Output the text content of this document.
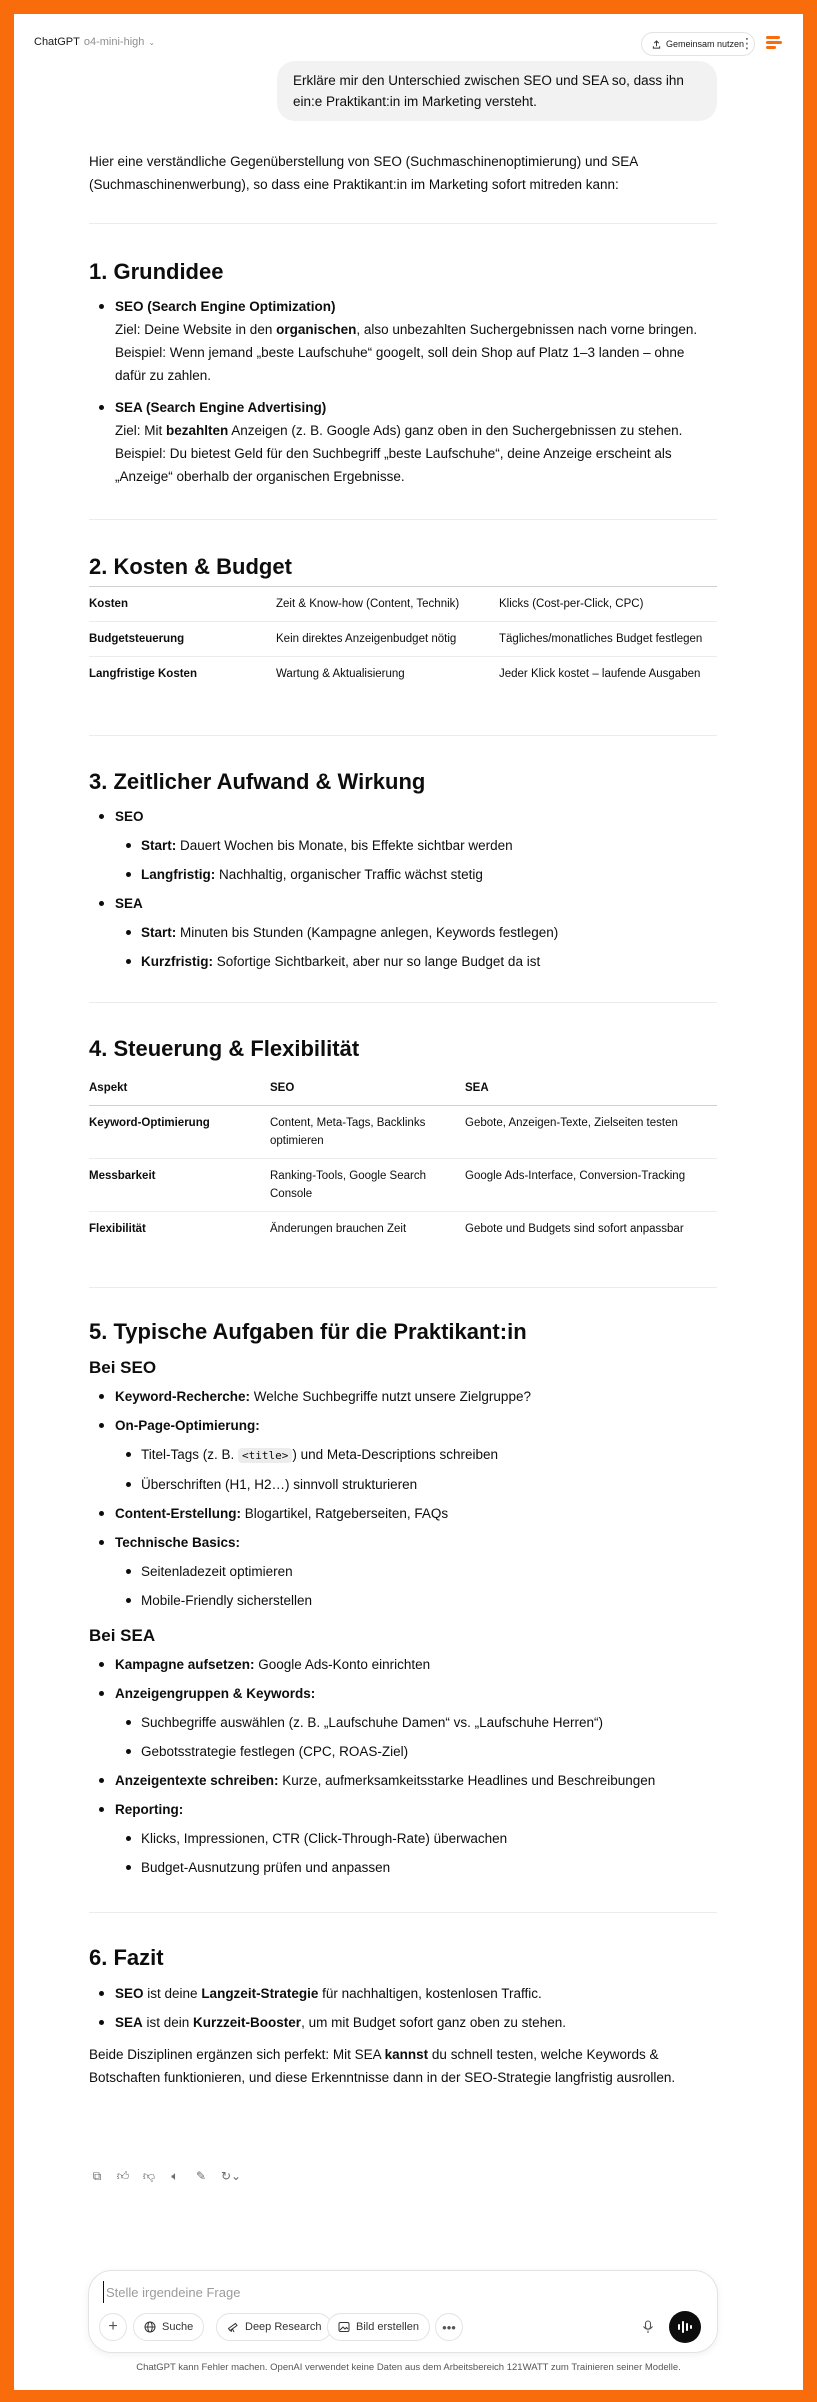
ChatGPT o4-mini-high ⌄	Gemeinsam nutzen
⋮
Erkläre mir den Unterschied zwischen SEO und SEA so, dass ihn ein:e Praktikant:in im Marketing versteht.
Hier eine verständliche Gegenüberstellung von SEO (Suchmaschinenoptimierung) und SEA (Suchmaschinenwerbung), so dass eine Praktikant:in im Marketing sofort mitreden kann:
1. Grundidee
SEO (Search Engine Optimization)
Ziel: Deine Website in den organischen, also unbezahlten Suchergebnissen nach vorne bringen.
Beispiel: Wenn jemand „beste Laufschuhe“ googelt, soll dein Shop auf Platz 1–3 landen – ohne dafür zu zahlen.
SEA (Search Engine Advertising)
Ziel: Mit bezahlten Anzeigen (z. B. Google Ads) ganz oben in den Suchergebnissen zu stehen.
Beispiel: Du bietest Geld für den Suchbegriff „beste Laufschuhe“, deine Anzeige erscheint als „Anzeige“ oberhalb der organischen Ergebnisse.
2. Kosten & Budget
Kosten	Zeit & Know-how (Content, Technik)	Klicks (Cost-per-Click, CPC)
Budgetsteuerung	Kein direktes Anzeigenbudget nötig	Tägliches/monatliches Budget festlegen
Langfristige Kosten	Wartung & Aktualisierung	Jeder Klick kostet – laufende Ausgaben
3. Zeitlicher Aufwand & Wirkung
SEO
Start: Dauert Wochen bis Monate, bis Effekte sichtbar werden
Langfristig: Nachhaltig, organischer Traffic wächst stetig
SEA
Start: Minuten bis Stunden (Kampagne anlegen, Keywords festlegen)
Kurzfristig: Sofortige Sichtbarkeit, aber nur so lange Budget da ist
4. Steuerung & Flexibilität
Aspekt	SEO	SEA
Keyword-Optimierung	Content, Meta-Tags, Backlinks optimieren	Gebote, Anzeigen-Texte, Zielseiten testen
Messbarkeit	Ranking-Tools, Google Search Console	Google Ads-Interface, Conversion-Tracking
Flexibilität	Änderungen brauchen Zeit	Gebote und Budgets sind sofort anpassbar
5. Typische Aufgaben für die Praktikant:in
Bei SEO
Keyword-Recherche: Welche Suchbegriffe nutzt unsere Zielgruppe?
On-Page-Optimierung:
Titel-Tags (z. B. <title> ) und Meta-Descriptions schreiben
Überschriften (H1, H2…) sinnvoll strukturieren
Content-Erstellung: Blogartikel, Ratgeberseiten, FAQs
Technische Basics:
Seitenladezeit optimieren
Mobile-Friendly sicherstellen
Bei SEA
Kampagne aufsetzen: Google Ads-Konto einrichten
Anzeigengruppen & Keywords:
Suchbegriffe auswählen (z. B. „Laufschuhe Damen“ vs. „Laufschuhe Herren“)
Gebotsstrategie festlegen (CPC, ROAS-Ziel)
Anzeigentexte schreiben: Kurze, aufmerksamkeitsstarke Headlines und Beschreibungen
Reporting:
Klicks, Impressionen, CTR (Click-Through-Rate) überwachen
Budget-Ausnutzung prüfen und anpassen
6. Fazit
SEO ist deine Langzeit-Strategie für nachhaltigen, kostenlosen Traffic.
SEA ist dein Kurzzeit-Booster, um mit Budget sofort ganz oben zu stehen.
Beide Disziplinen ergänzen sich perfekt: Mit SEA kannst du schnell testen, welche Keywords & Botschaften funktionieren, und diese Erkenntnisse dann in der SEO-Strategie langfristig ausrollen.
⧉	👍︎ 👎︎	🔈︎	✎ ↻⌄
Stelle irgendeine Frage
+	Suche	Deep Research	Bild erstellen •••
ChatGPT kann Fehler machen. OpenAI verwendet keine Daten aus dem Arbeitsbereich 121WATT zum Trainieren seiner Modelle.
